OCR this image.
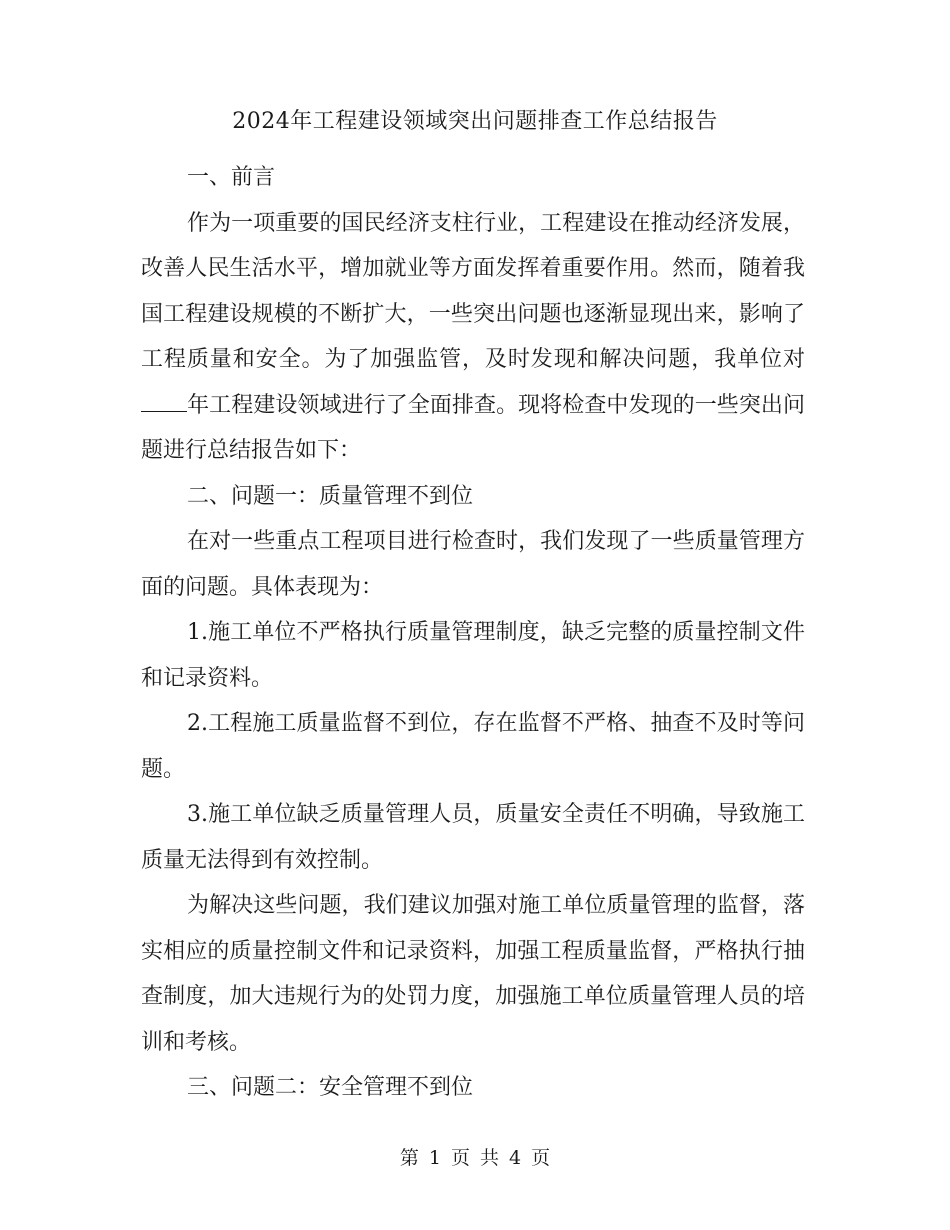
2024年工程建设领域突出问题排查工作总结报告

一、前言

作为一项重要的国民经济支柱行业，工程建设在推动经济发展，改善人民生活水平，增加就业等方面发挥着重要作用。然而，随着我国工程建设规模的不断扩大，一些突出问题也逐渐显现出来，影响了工程质量和安全。为了加强监管，及时发现和解决问题，我单位对年工程建设领域进行了全面排查。现将检查中发现的一些突出问题进行总结报告如下：

二、问题一：质量管理不到位

在对一些重点工程项目进行检查时，我们发现了一些质量管理方面的问题。具体表现为：

1.施工单位不严格执行质量管理制度，缺乏完整的质量控制文件和记录资料。

2.工程施工质量监督不到位，存在监督不严格、抽查不及时等问题。

3.施工单位缺乏质量管理人员，质量安全责任不明确，导致施工质量无法得到有效控制。

为解决这些问题，我们建议加强对施工单位质量管理的监督，落实相应的质量控制文件和记录资料，加强工程质量监督，严格执行抽查制度，加大违规行为的处罚力度，加强施工单位质量管理人员的培训和考核。

三、问题二：安全管理不到位

第 1 页 共 4 页
